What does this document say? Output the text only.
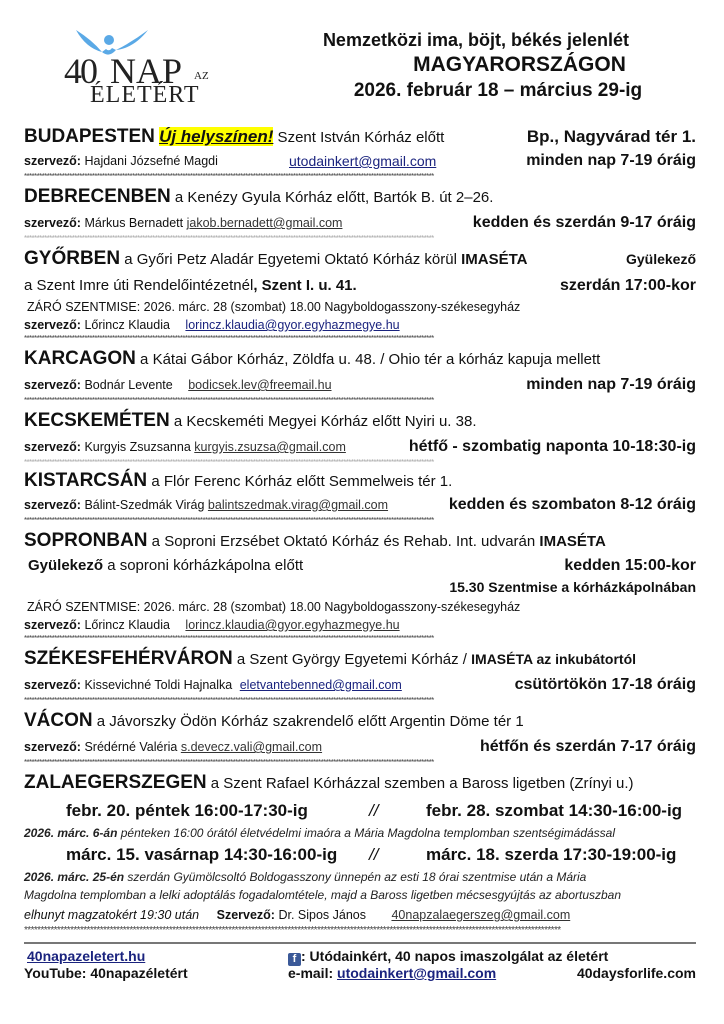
40 NAP AZ
ÉLETÉRT
Nemzetközi ima, böjt, békés jelenlét
MAGYARORSZÁGON
2026. február 18 – március 29-ig
BUDAPESTEN Új helyszínen! Szent István Kórház előtt	Bp., Nagyvárad tér 1.
szervező: Hajdani Józsefné Magdi	utodainkert@gmail.com	minden nap 7-19 óráig
*******************************************************************************************************************************************************************
DEBRECENBEN a Kenézy Gyula Kórház előtt, Bartók B. út 2–26.
szervező: Márkus Bernadett jakob.bernadett@gmail.com	kedden és szerdán 9-17 óráig
*******************************************************************************************************************************************************************
GYŐRBEN a Győri Petz Aladár Egyetemi Oktató Kórház körül IMASÉTA	Gyülekező
a Szent Imre úti Rendelőintézetnél, Szent I. u. 41.	szerdán 17:00-kor
ZÁRÓ SZENTMISE: 2026. márc. 28 (szombat) 18.00 Nagyboldogasszony-székesegyház
szervező: Lőrincz Klaudia lorincz.klaudia@gyor.egyhazmegye.hu
*******************************************************************************************************************************************************************
KARCAGON a Kátai Gábor Kórház, Zöldfa u. 48. / Ohio tér a kórház kapuja mellett
szervező: Bodnár Levente bodicsek.lev@freemail.hu	minden nap 7-19 óráig
*******************************************************************************************************************************************************************
KECSKEMÉTEN a Kecskeméti Megyei Kórház előtt Nyiri u. 38.
szervező: Kurgyis Zsuzsanna kurgyis.zsuzsa@gmail.com	hétfő - szombatig naponta 10-18:30-ig
*******************************************************************************************************************************************************************
KISTARCSÁN a Flór Ferenc Kórház előtt Semmelweis tér 1.
szervező: Bálint-Szedmák Virág balintszedmak.virag@gmail.com	kedden és szombaton 8-12 óráig
*******************************************************************************************************************************************************************
SOPRONBAN a Soproni Erzsébet Oktató Kórház és Rehab. Int. udvarán IMASÉTA
Gyülekező a soproni kórházkápolna előtt	kedden 15:00-kor
15.30 Szentmise a kórházkápolnában
ZÁRÓ SZENTMISE: 2026. márc. 28 (szombat) 18.00 Nagyboldogasszony-székesegyház
szervező: Lőrincz Klaudia lorincz.klaudia@gyor.egyhazmegye.hu
*******************************************************************************************************************************************************************
SZÉKESFEHÉRVÁRON a Szent György Egyetemi Kórház / IMASÉTA az inkubátortól
szervező: Kissevichné Toldi Hajnalka eletvantebenned@gmail.com	csütörtökön 17-18 óráig
*******************************************************************************************************************************************************************
VÁCON a Jávorszky Ödön Kórház szakrendelő előtt Argentin Döme tér 1
szervező: Srédérné Valéria s.devecz.vali@gmail.com	hétfőn és szerdán 7-17 óráig
*******************************************************************************************************************************************************************
ZALAEGERSZEGEN a Szent Rafael Kórházzal szemben a Baross ligetben (Zrínyi u.)
febr. 20. péntek 16:00-17:30-ig	//	febr. 28. szombat 14:30-16:00-ig
2026. márc. 6-án pénteken 16:00 órától életvédelmi imaóra a Mária Magdolna templomban szentségimádással
márc. 15. vasárnap 14:30-16:00-ig //	márc. 18. szerda 17:30-19:00-ig
2026. márc. 25-én szerdán Gyümölcsoltó Boldogasszony ünnepén az esti 18 órai szentmise után a Mária
Magdolna templomban a lelki adoptálás fogadalomtétele, majd a Baross ligetben mécsesgyújtás az abortuszban
elhunyt magzatokért 19:30 után Szervező: Dr. Sipos János 40napzalaegerszeg@gmail.com
*******************************************************************************************************************************************************************
40napazeletert.hu
YouTube: 40napazéletért
f : Utódainkért, 40 napos imaszolgálat az életért
e-mail: utodainkert@gmail.com	40daysforlife.com
